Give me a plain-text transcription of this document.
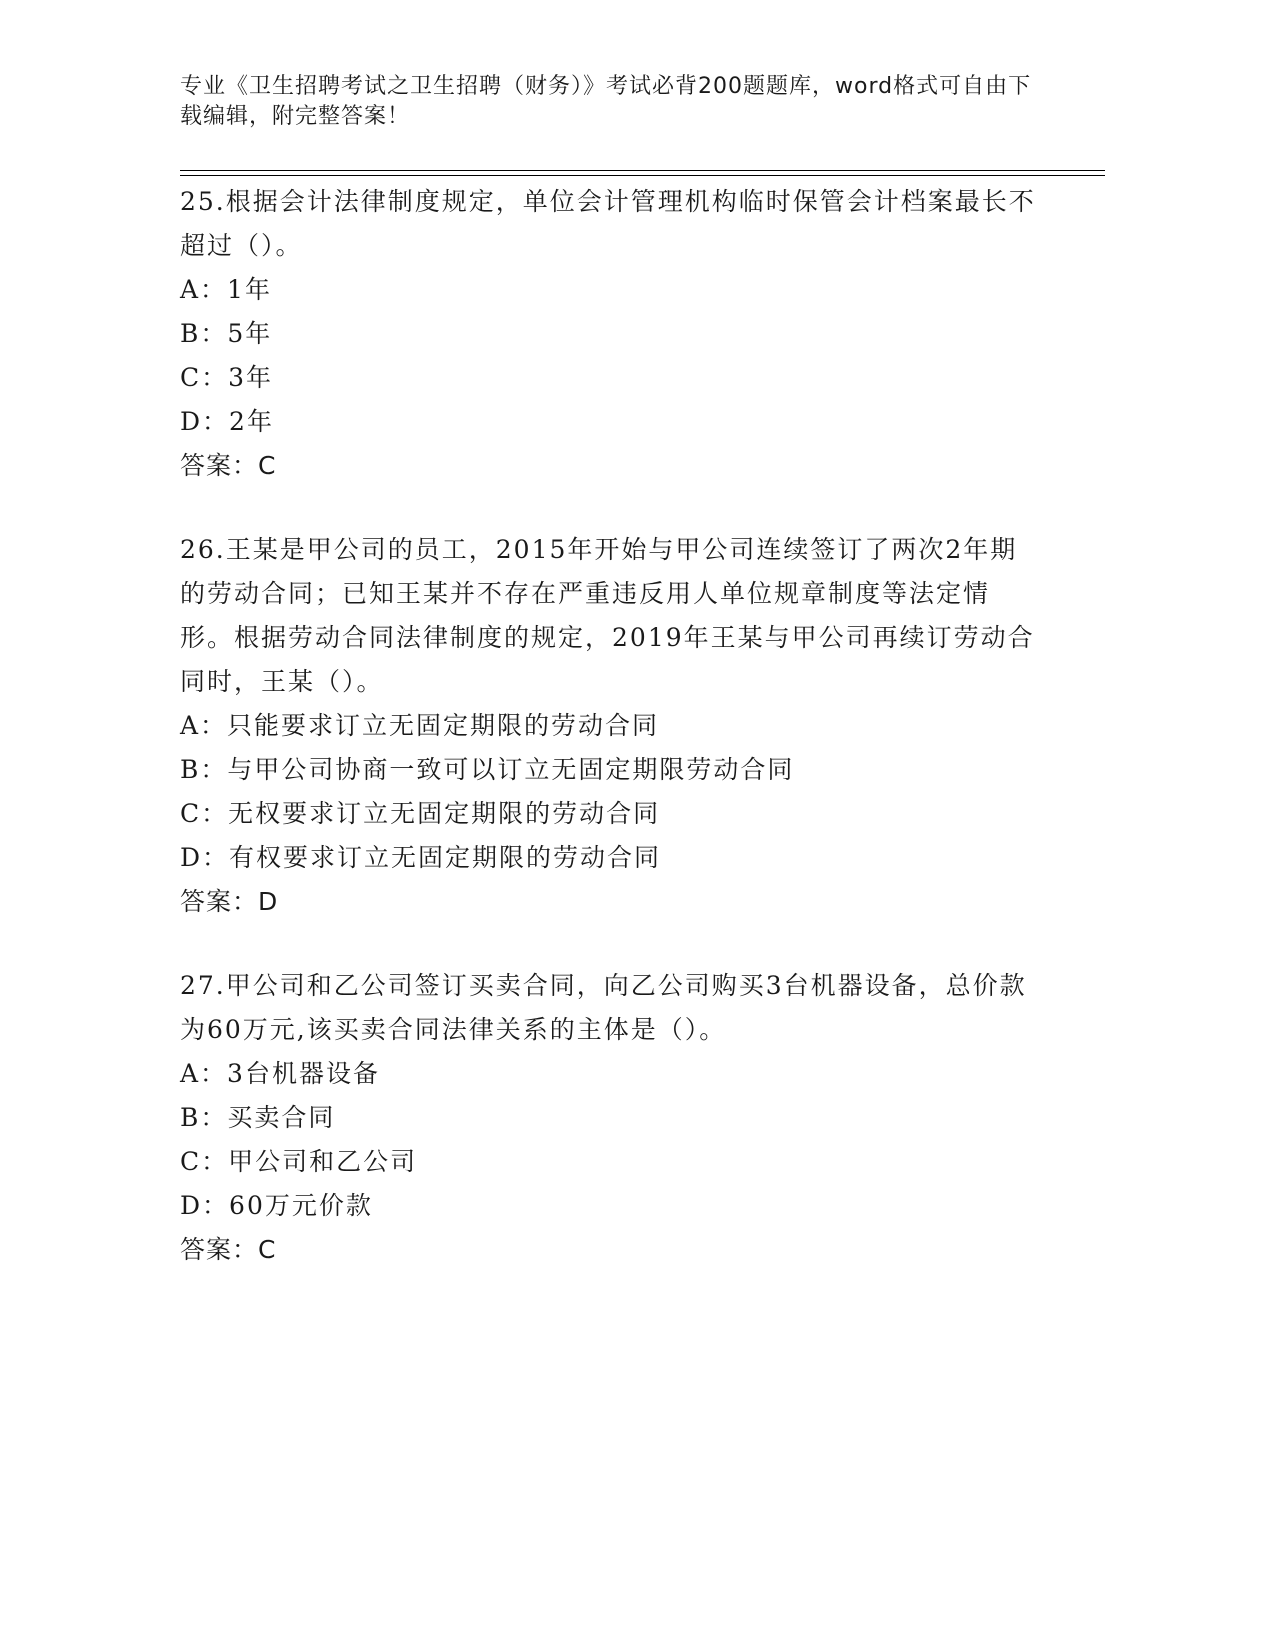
专业《卫生招聘考试之卫生招聘（财务）》考试必背200题题库，word格式可自由下载编辑，附完整答案！

25.根据会计法律制度规定，单位会计管理机构临时保管会计档案最长不超过（）。

A：1年

B：5年

C：3年

D：2年

答案：C

26.王某是甲公司的员工，2015年开始与甲公司连续签订了两次2年期的劳动合同；已知王某并不存在严重违反用人单位规章制度等法定情形。根据劳动合同法律制度的规定，2019年王某与甲公司再续订劳动合同时，王某（）。

A：只能要求订立无固定期限的劳动合同

B：与甲公司协商一致可以订立无固定期限劳动合同

C：无权要求订立无固定期限的劳动合同

D：有权要求订立无固定期限的劳动合同

答案：D

27.甲公司和乙公司签订买卖合同，向乙公司购买3台机器设备，总价款为60万元,该买卖合同法律关系的主体是（）。

A：3台机器设备

B：买卖合同

C：甲公司和乙公司

D：60万元价款

答案：C
